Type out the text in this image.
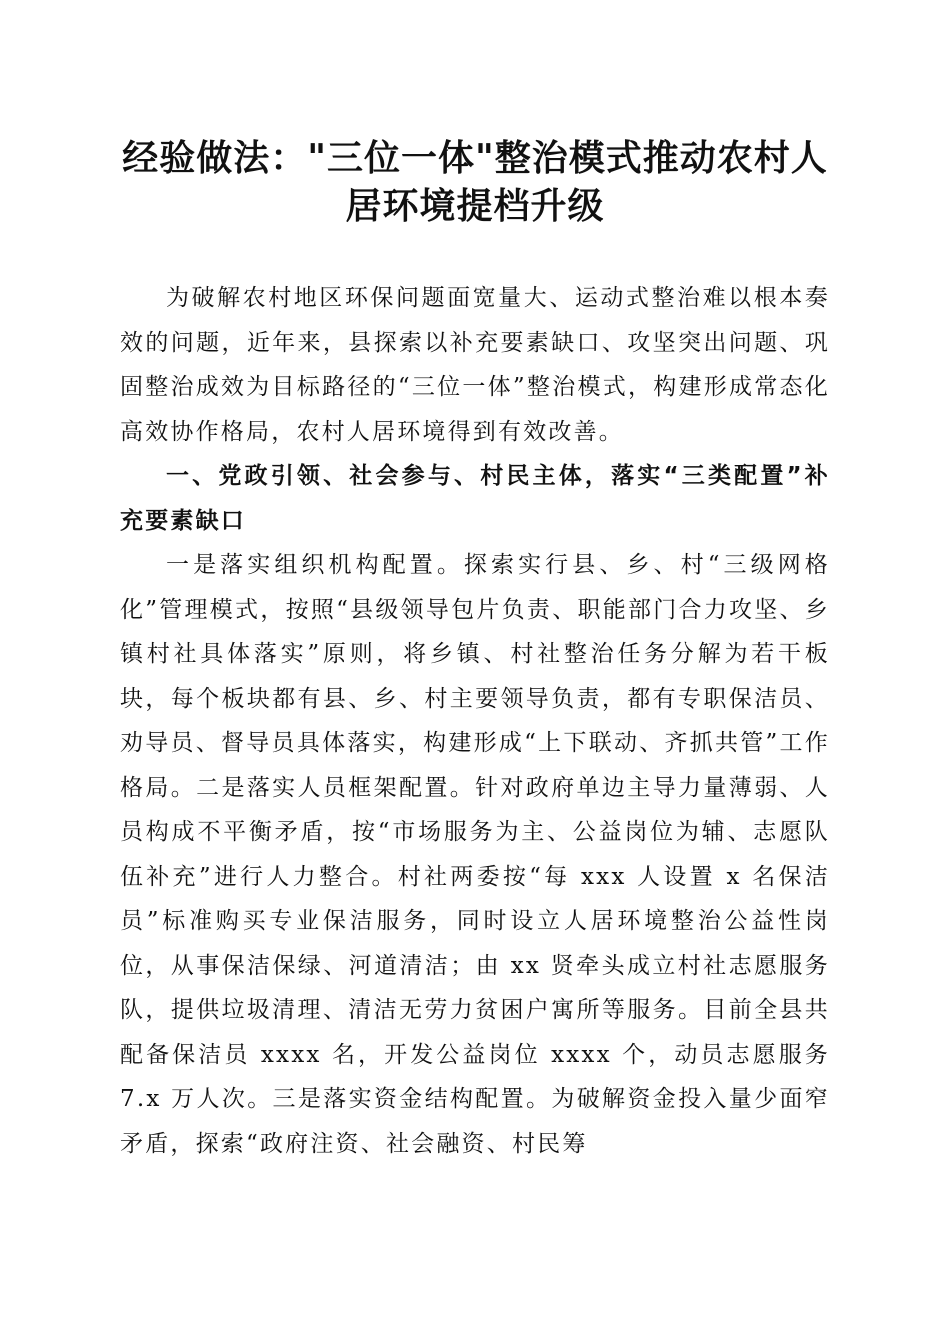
经验做法："三位一体"整治模式推动农村人
居环境提档升级

为破解农村地区环保问题面宽量大、运动式整治难以根本奏效的问题，近年来，县探索以补充要素缺口、攻坚突出问题、巩固整治成效为目标路径的“三位一体”整治模式，构建形成常态化高效协作格局，农村人居环境得到有效改善。

一、党政引领、社会参与、村民主体，落实“三类配置”补充要素缺口

一是落实组织机构配置。探索实行县、乡、村“三级网格化”管理模式，按照“县级领导包片负责、职能部门合力攻坚、乡镇村社具体落实”原则，将乡镇、村社整治任务分解为若干板块，每个板块都有县、乡、村主要领导负责，都有专职保洁员、劝导员、督导员具体落实，构建形成“上下联动、齐抓共管”工作格局。二是落实人员框架配置。针对政府单边主导力量薄弱、人员构成不平衡矛盾，按“市场服务为主、公益岗位为辅、志愿队伍补充”进行人力整合。村社两委按“每 xxx 人设置 x 名保洁员”标准购买专业保洁服务，同时设立人居环境整治公益性岗位，从事保洁保绿、河道清洁；由 xx 贤牵头成立村社志愿服务队，提供垃圾清理、清洁无劳力贫困户寓所等服务。目前全县共配备保洁员 xxxx 名，开发公益岗位 xxxx 个，动员志愿服务 7.x 万人次。三是落实资金结构配置。为破解资金投入量少面窄矛盾，探索“政府注资、社会融资、村民筹
